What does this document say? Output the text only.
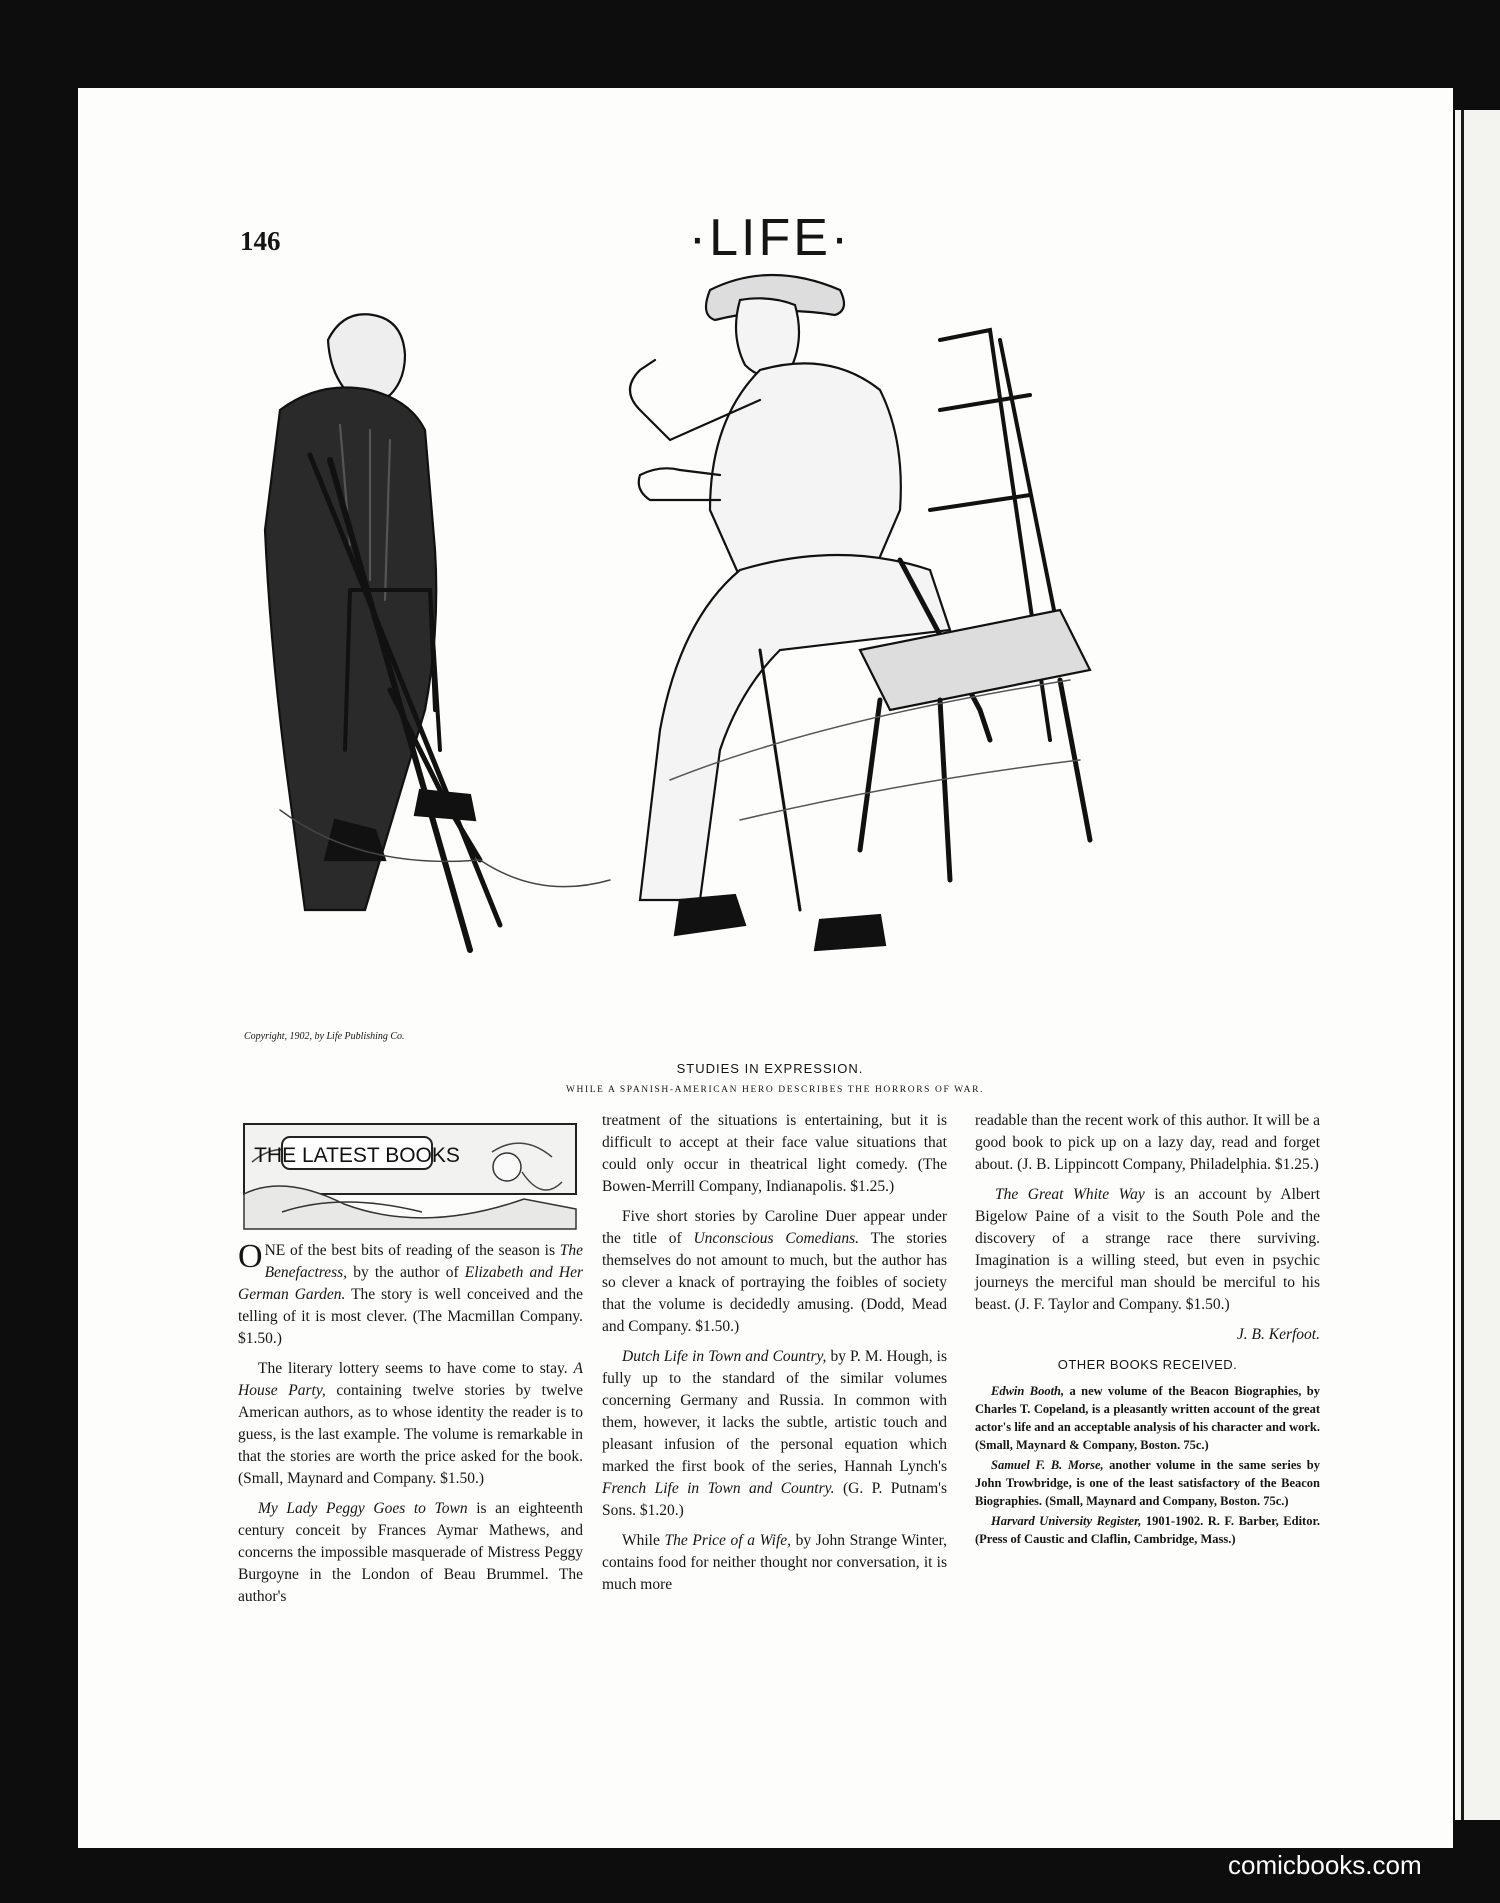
146	·LIFE·

Copyright, 1902, by Life Publishing Co.

STUDIES IN EXPRESSION.

WHILE A SPANISH-AMERICAN HERO DESCRIBES THE HORRORS OF WAR.

THE LATEST BOOKS

ONE of the best bits of reading of the season is The Benefactress, by the author of Elizabeth and Her German Garden. The story is well conceived and the telling of it is most clever. (The Macmillan Company. $1.50.)

The literary lottery seems to have come to stay. A House Party, containing twelve stories by twelve American authors, as to whose identity the reader is to guess, is the last example. The volume is remarkable in that the stories are worth the price asked for the book. (Small, Maynard and Company. $1.50.)

My Lady Peggy Goes to Town is an eighteenth century conceit by Frances Aymar Mathews, and concerns the impossible masquerade of Mistress Peggy Burgoyne in the London of Beau Brummel. The author's

treatment of the situations is entertaining, but it is difficult to accept at their face value situations that could only occur in theatrical light comedy. (The Bowen-Merrill Company, Indianapolis. $1.25.)

Five short stories by Caroline Duer appear under the title of Unconscious Comedians. The stories themselves do not amount to much, but the author has so clever a knack of portraying the foibles of society that the volume is decidedly amusing. (Dodd, Mead and Company. $1.50.)

Dutch Life in Town and Country, by P. M. Hough, is fully up to the standard of the similar volumes concerning Germany and Russia. In common with them, however, it lacks the subtle, artistic touch and pleasant infusion of the personal equation which marked the first book of the series, Hannah Lynch's French Life in Town and Country. (G. P. Putnam's Sons. $1.20.)

While The Price of a Wife, by John Strange Winter, contains food for neither thought nor conversation, it is much more

readable than the recent work of this author. It will be a good book to pick up on a lazy day, read and forget about. (J. B. Lippincott Company, Philadelphia. $1.25.)

The Great White Way is an account by Albert Bigelow Paine of a visit to the South Pole and the discovery of a strange race there surviving. Imagination is a willing steed, but even in psychic journeys the merciful man should be merciful to his beast. (J. F. Taylor and Company. $1.50.)

J. B. Kerfoot.

OTHER BOOKS RECEIVED.

Edwin Booth, a new volume of the Beacon Biographies, by Charles T. Copeland, is a pleasantly written account of the great actor's life and an acceptable analysis of his character and work. (Small, Maynard & Company, Boston. 75c.)

Samuel F. B. Morse, another volume in the same series by John Trowbridge, is one of the least satisfactory of the Beacon Biographies. (Small, Maynard and Company, Boston. 75c.)

Harvard University Register, 1901-1902. R. F. Barber, Editor. (Press of Caustic and Claflin, Cambridge, Mass.)

comicbooks.com
